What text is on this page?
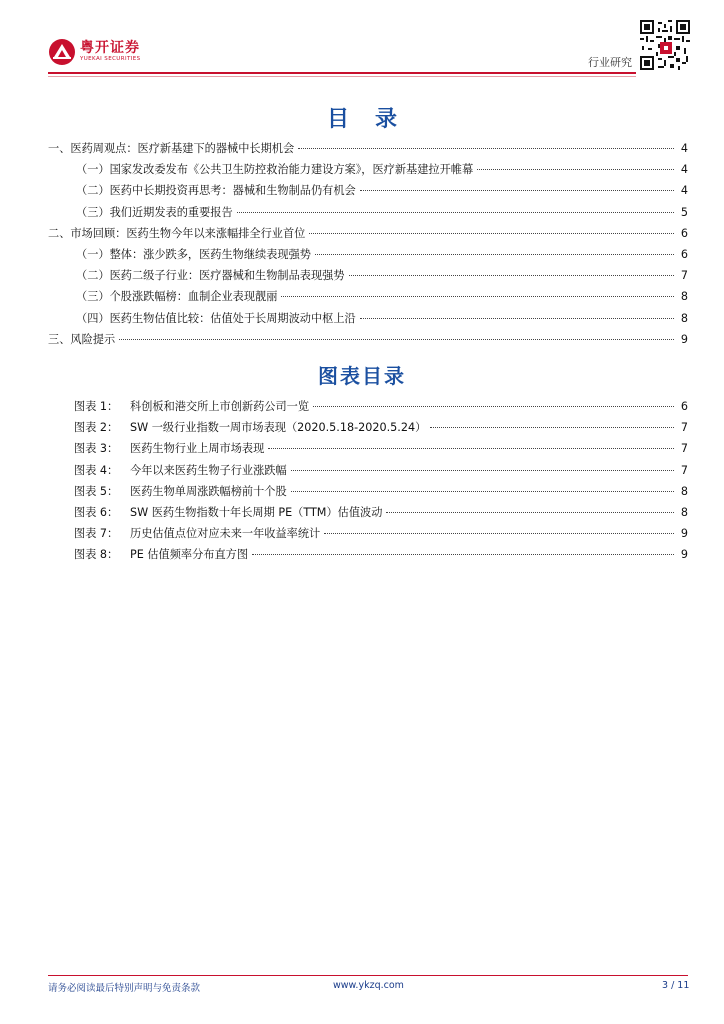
粤开证券
YUEKAI SECURITIES	行业研究
目录
一、医药周观点：医疗新基建下的器械中长期机会	4
（一）国家发改委发布《公共卫生防控救治能力建设方案》，医疗新基建拉开帷幕	4
（二）医药中长期投资再思考：器械和生物制品仍有机会	4
（三）我们近期发表的重要报告	5
二、市场回顾：医药生物今年以来涨幅排全行业首位	6
（一）整体：涨少跌多，医药生物继续表现强势	6
（二）医药二级子行业：医疗器械和生物制品表现强势	7
（三）个股涨跌幅榜：血制企业表现靓丽	8
（四）医药生物估值比较：估值处于长周期波动中枢上沿	8
三、风险提示	9
图表目录
图表 1：	科创板和港交所上市创新药公司一览	6
图表 2：	SW 一级行业指数一周市场表现（2020.5.18-2020.5.24）	7
图表 3：	医药生物行业上周市场表现	7
图表 4：	今年以来医药生物子行业涨跌幅	7
图表 5：	医药生物单周涨跌幅榜前十个股	8
图表 6：	SW 医药生物指数十年长周期 PE（TTM）估值波动	8
图表 7：	历史估值点位对应未来一年收益率统计	9
图表 8：	PE 估值频率分布直方图	9
请务必阅读最后特别声明与免责条款	www.ykzq.com	3 / 11
